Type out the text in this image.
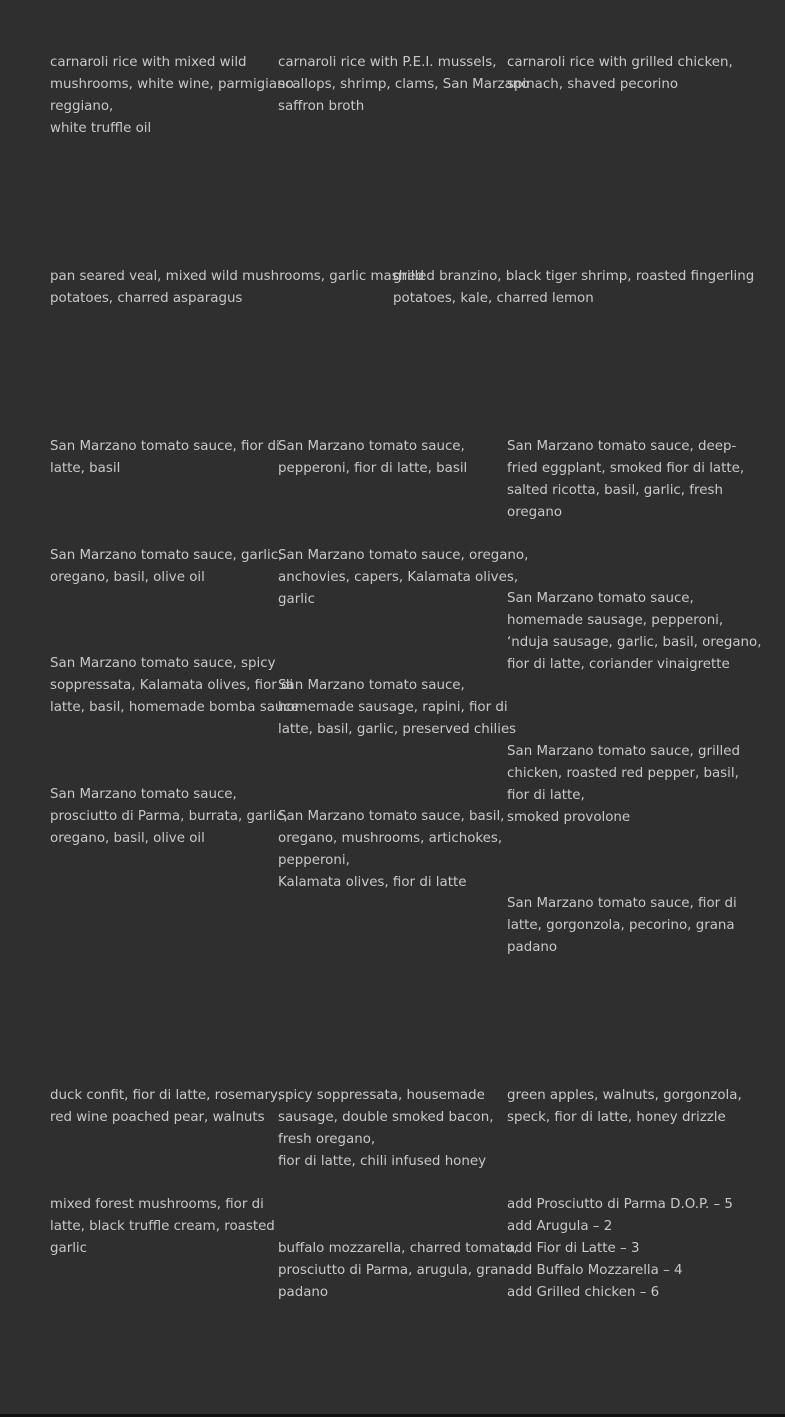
carnaroli rice with mixed wild
mushrooms, white wine, parmigiano
reggiano,
white truffle oil

carnaroli rice with P.E.I. mussels,
scallops, shrimp, clams, San Marzano
saffron broth

carnaroli rice with grilled chicken,
spinach, shaved pecorino

pan seared veal, mixed wild mushrooms, garlic mashed
potatoes, charred asparagus

grilled branzino, black tiger shrimp, roasted fingerling
potatoes, kale, charred lemon

San Marzano tomato sauce, fior di
latte, basil

San Marzano tomato sauce, garlic,
oregano, basil, olive oil

San Marzano tomato sauce, spicy
soppressata, Kalamata olives, fior di
latte, basil, homemade bomba sauce

San Marzano tomato sauce,
prosciutto di Parma, burrata, garlic,
oregano, basil, olive oil

San Marzano tomato sauce,
pepperoni, fior di latte, basil

San Marzano tomato sauce, oregano,
anchovies, capers, Kalamata olives,
garlic

San Marzano tomato sauce,
homemade sausage, rapini, fior di
latte, basil, garlic, preserved chilies

San Marzano tomato sauce, basil,
oregano, mushrooms, artichokes,
pepperoni,
Kalamata olives, fior di latte

San Marzano tomato sauce, deep-
fried eggplant, smoked fior di latte,
salted ricotta, basil, garlic, fresh
oregano

San Marzano tomato sauce,
homemade sausage, pepperoni,
‘nduja sausage, garlic, basil, oregano,
fior di latte, coriander vinaigrette

San Marzano tomato sauce, grilled
chicken, roasted red pepper, basil,
fior di latte,
smoked provolone

San Marzano tomato sauce, fior di
latte, gorgonzola, pecorino, grana
padano

duck confit, fior di latte, rosemary,
red wine poached pear, walnuts

spicy soppressata, housemade
sausage, double smoked bacon,
fresh oregano,
fior di latte, chili infused honey

green apples, walnuts, gorgonzola,
speck, fior di latte, honey drizzle

mixed forest mushrooms, fior di
latte, black truffle cream, roasted
garlic	buffalo mozzarella, charred tomato,
prosciutto di Parma, arugula, grana
padano

add Prosciutto di Parma D.O.P. – 5
add Arugula – 2
add Fior di Latte – 3
add Buffalo Mozzarella – 4
add Grilled chicken – 6
